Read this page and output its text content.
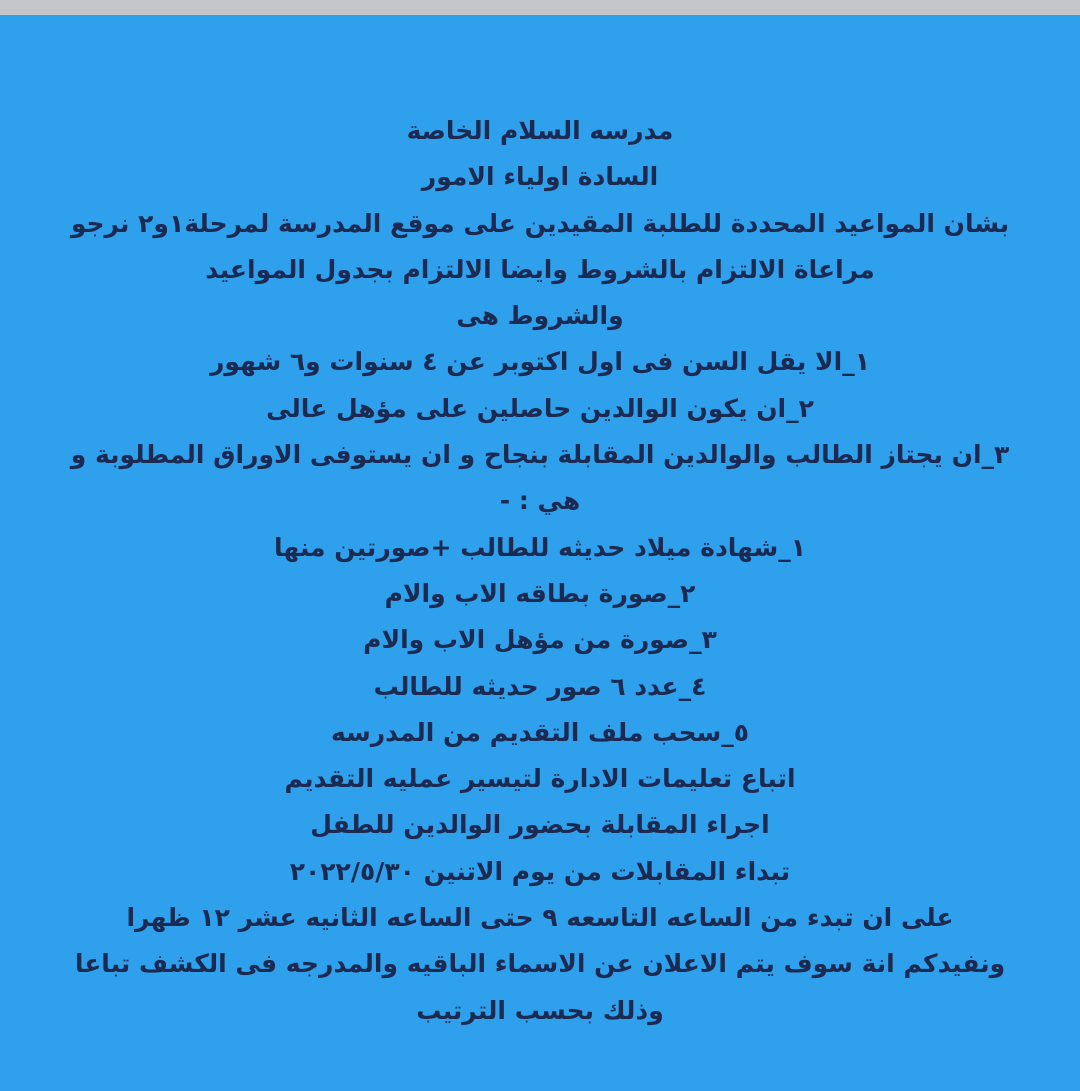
مدرسه السلام الخاصة
السادة اولياء الامور
بشان المواعيد المحددة للطلبة المقيدين على موقع المدرسة لمرحلة١و٢ نرجو
مراعاة الالتزام بالشروط وايضا الالتزام بجدول المواعيد
والشروط هى
١_الا يقل السن فى اول اكتوبر عن ٤ سنوات و٦ شهور
٢_ان يكون الوالدين حاصلين على مؤهل عالى
٣_ان يجتاز الطالب والوالدين المقابلة بنجاح و ان يستوفى الاوراق المطلوبة و
هي : -
١_شهادة ميلاد حديثه للطالب +صورتين منها
٢_صورة بطاقه الاب والام
٣_صورة من مؤهل الاب والام
٤_عدد ٦ صور حديثه للطالب
٥_سحب ملف التقديم من المدرسه
اتباع تعليمات الادارة لتيسير عمليه التقديم
اجراء المقابلة بحضور الوالدين للطفل
تبداء المقابلات من يوم الاتنين ٢٠٢٢/٥/٣٠
على ان تبدء من الساعه التاسعه ٩ حتى الساعه الثانيه عشر ١٢ ظهرا
ونفيدكم انة سوف يتم الاعلان عن الاسماء الباقيه والمدرجه فى الكشف تباعا
وذلك بحسب الترتيب
